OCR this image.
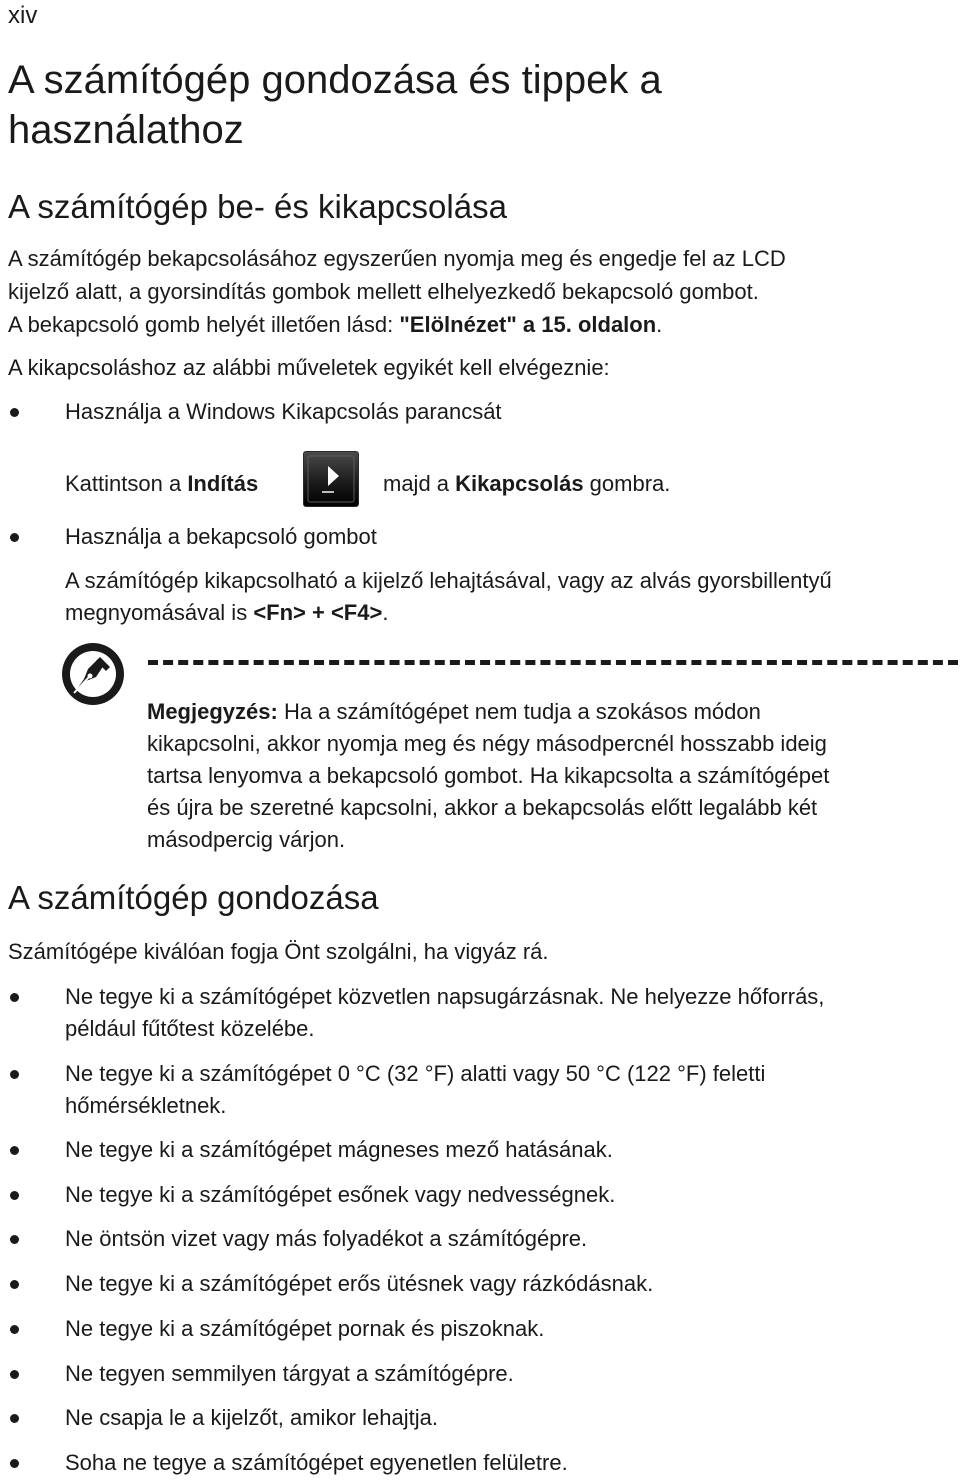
xiv
A számítógép gondozása és tippek a
használathoz
A számítógép be- és kikapcsolása
A számítógép bekapcsolásához egyszerűen nyomja meg és engedje fel az LCD
kijelző alatt, a gyorsindítás gombok mellett elhelyezkedő bekapcsoló gombot.
A bekapcsoló gomb helyét illetően lásd: "Elölnézet" a 15. oldalon.
A kikapcsoláshoz az alábbi műveletek egyikét kell elvégeznie:
Használja a Windows Kikapcsolás parancsát
Kattintson a Indítás	majd a Kikapcsolás gombra.
Használja a bekapcsoló gombot
A számítógép kikapcsolható a kijelző lehajtásával, vagy az alvás gyorsbillentyű
megnyomásával is <Fn> + <F4>.
Megjegyzés: Ha a számítógépet nem tudja a szokásos módon
kikapcsolni, akkor nyomja meg és négy másodpercnél hosszabb ideig
tartsa lenyomva a bekapcsoló gombot. Ha kikapcsolta a számítógépet
és újra be szeretné kapcsolni, akkor a bekapcsolás előtt legalább két
másodpercig várjon.
A számítógép gondozása
Számítógépe kiválóan fogja Önt szolgálni, ha vigyáz rá.
Ne tegye ki a számítógépet közvetlen napsugárzásnak. Ne helyezze hőforrás,
például fűtőtest közelébe.
Ne tegye ki a számítógépet 0 °C (32 °F) alatti vagy 50 °C (122 °F) feletti
hőmérsékletnek.
Ne tegye ki a számítógépet mágneses mező hatásának.
Ne tegye ki a számítógépet esőnek vagy nedvességnek.
Ne öntsön vizet vagy más folyadékot a számítógépre.
Ne tegye ki a számítógépet erős ütésnek vagy rázkódásnak.
Ne tegye ki a számítógépet pornak és piszoknak.
Ne tegyen semmilyen tárgyat a számítógépre.
Ne csapja le a kijelzőt, amikor lehajtja.
Soha ne tegye a számítógépet egyenetlen felületre.
